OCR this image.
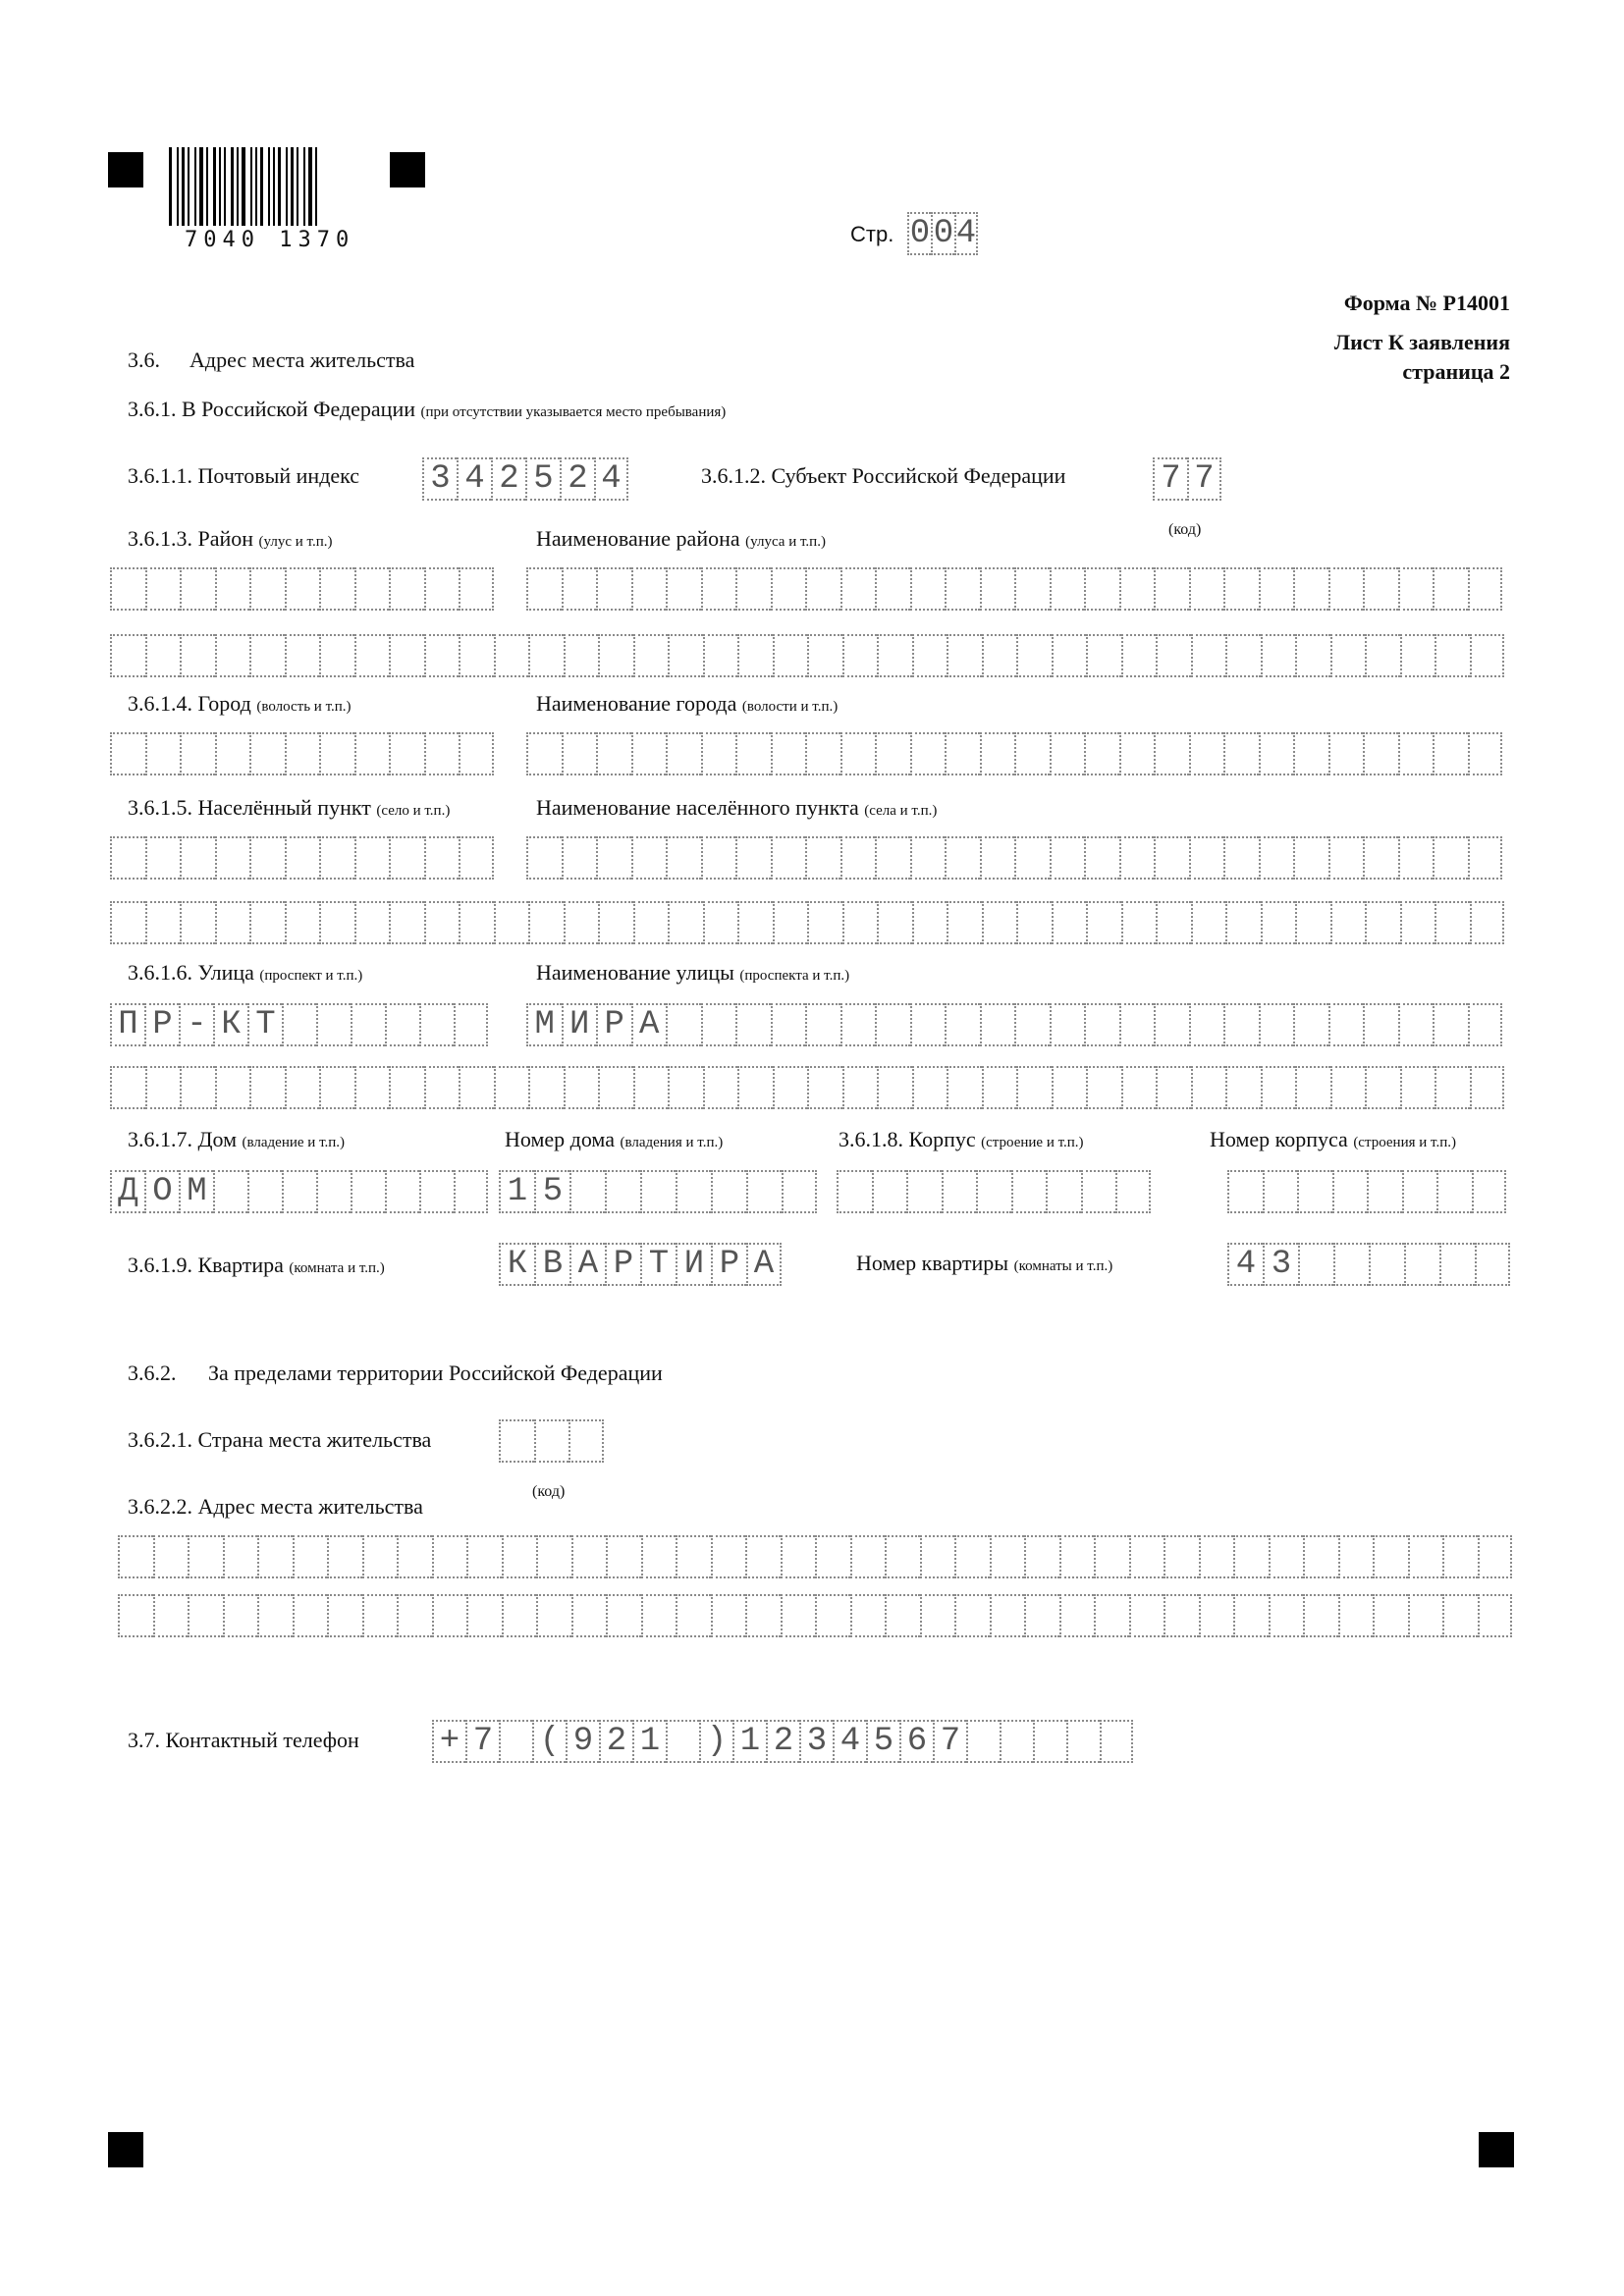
7040 1370	Стр. 0 0 4
Форма № Р14001
Лист К заявления
страница 2
3.6. Адрес места жительства
3.6.1. В Российской Федерации (при отсутствии указывается место пребывания)
3.6.1.1. Почтовый индекс 3 4 2 5 2 4	3.6.1.2. Субъект Российской Федерации	7 7
(код)
3.6.1.3. Район (улус и т.п.)	Наименование района (улуса и т.п.)
3.6.1.4. Город (волость и т.п.)	Наименование города (волости и т.п.)
3.6.1.5. Населённый пункт (село и т.п.)	Наименование населённого пункта (села и т.п.)
3.6.1.6. Улица (проспект и т.п.)	Наименование улицы (проспекта и т.п.)
П Р - К Т	М И Р А
3.6.1.7. Дом (владение и т.п.)	Номер дома (владения и т.п.)	3.6.1.8. Корпус (строение и т.п.)	Номер корпуса (строения и т.п.)
Д О М	1 5
3.6.1.9. Квартира (комната и т.п.)	К В А Р Т И Р А	Номер квартиры (комнаты и т.п.)	4 3
3.6.2. За пределами территории Российской Федерации
3.6.2.1. Страна места жительства
(код)
3.6.2.2. Адрес места жительства
3.7. Контактный телефон + 7 ( 9 2 1 ) 1 2 3 4 5 6 7
